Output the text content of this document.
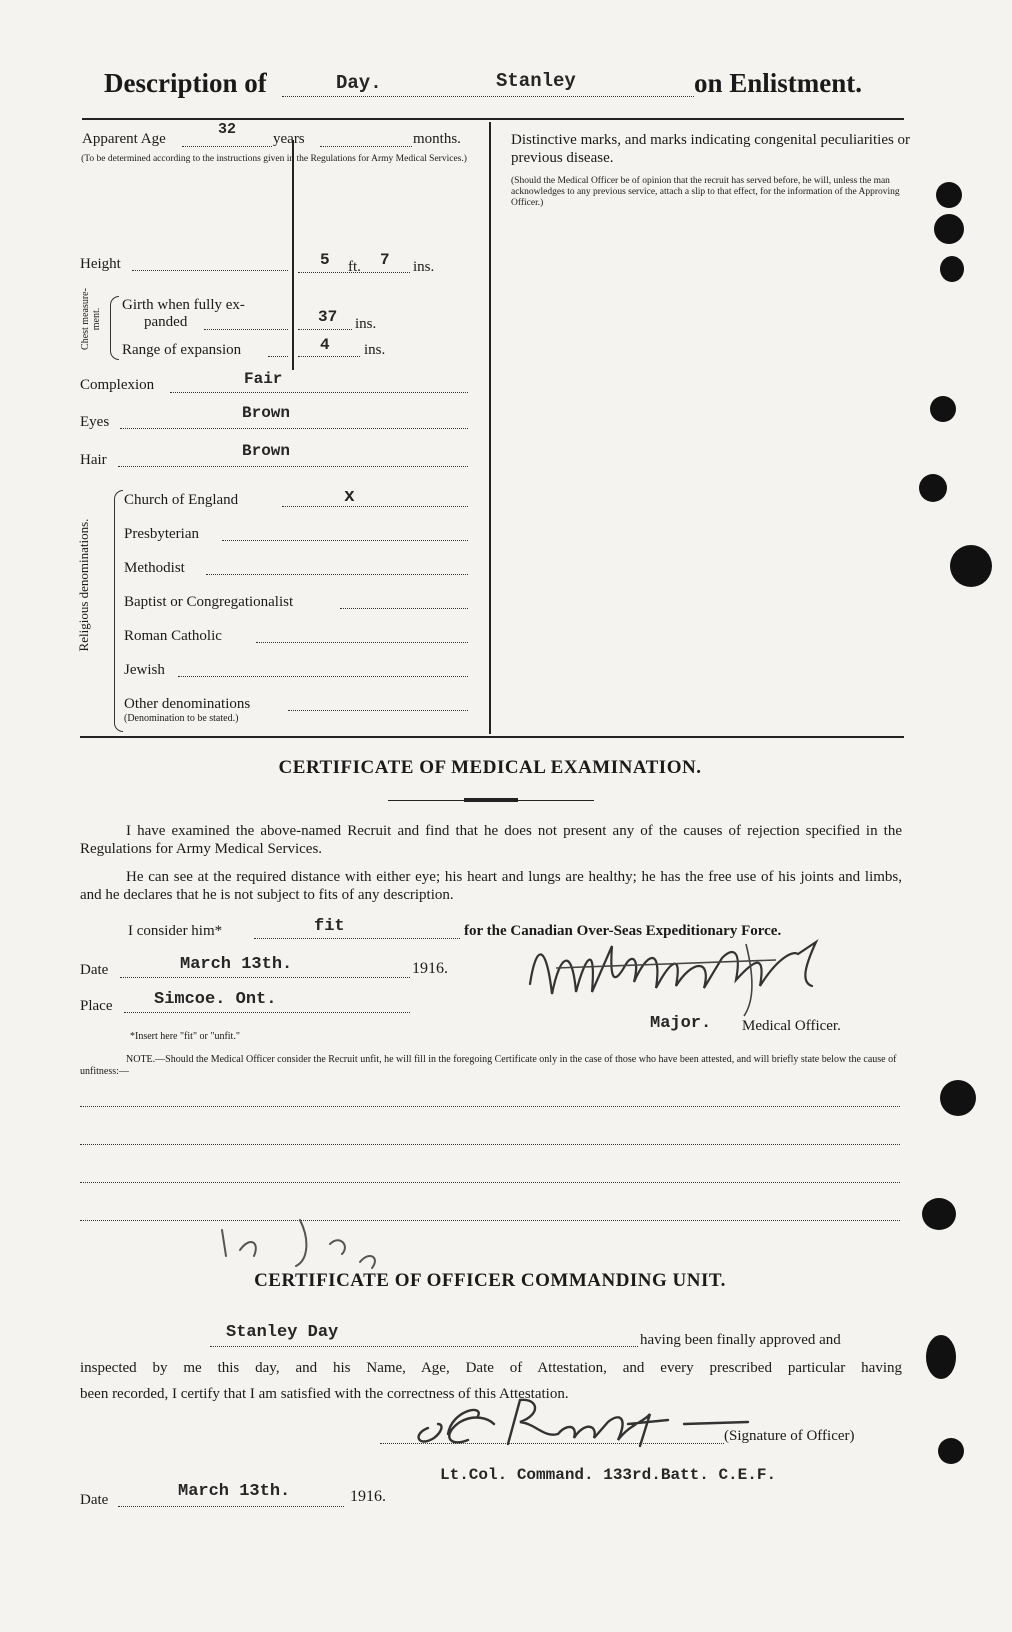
Description of	Day.	Stanley	on Enlistment.
Apparent Age
32
years	months.
(To be determined according to the instructions given in the Regulations for Army Medical Services.)
Distinctive marks, and marks indicating congenital peculiarities or previous disease.
(Should the Medical Officer be of opinion that the recruit has served before, he will, unless the man acknowledges to any previous service, attach a slip to that effect, for the information of the Approving Officer.)
Height	5 ft. 7 ins.
Chest measure-ment.
Girth when fully ex-
panded	37 ins.
Range of expansion	4 ins.
Complexion	Fair
Eyes	Brown
Hair	Brown
Religious denominations.
Church of England	x
Presbyterian
Methodist
Baptist or Congregationalist
Roman Catholic
Jewish
Other denominations
(Denomination to be stated.)
CERTIFICATE OF MEDICAL EXAMINATION.
I have examined the above-named Recruit and find that he does not present any of the causes of rejection specified in the Regulations for Army Medical Services.
He can see at the required distance with either eye; his heart and lungs are healthy; he has the free use of his joints and limbs, and he declares that he is not subject to fits of any description.
I consider him*	fit	for the Canadian Over-Seas Expeditionary Force.
Date	March 13th.	1916.
Place Simcoe. Ont.
*Insert here "fit" or "unfit."
Major. Medical Officer.
NOTE.—Should the Medical Officer consider the Recruit unfit, he will fill in the foregoing Certificate only in the case of those who have been attested, and will briefly state below the cause of unfitness:—
CERTIFICATE OF OFFICER COMMANDING UNIT.
Stanley Day	having been finally approved and
inspected by me this day, and his Name, Age, Date of Attestation, and every prescribed particular having
been recorded, I certify that I am satisfied with the correctness of this Attestation.
(Signature of Officer)
Lt.Col. Command. 133rd.Batt. C.E.F.
Date	March 13th.	1916.
